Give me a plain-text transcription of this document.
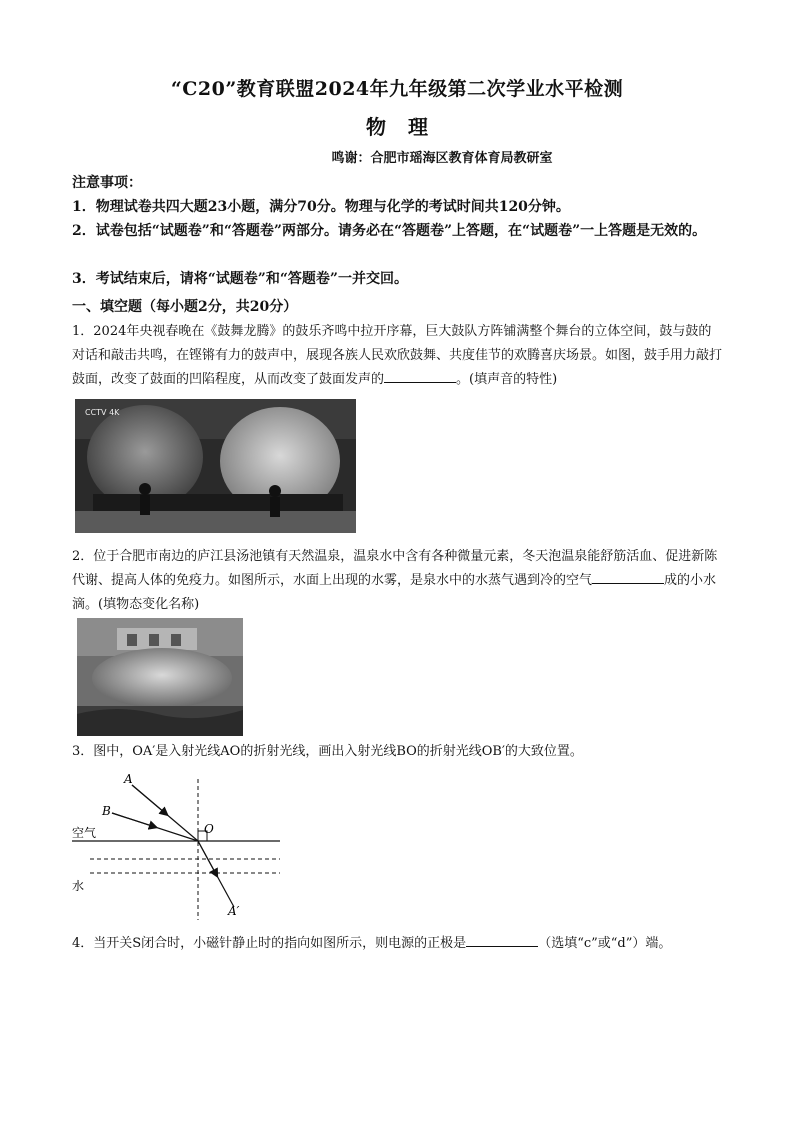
“C20”教育联盟2024年九年级第二次学业水平检测
物理
鸣谢：合肥市瑶海区教育体育局教研室
注意事项：
1．物理试卷共四大题23小题，满分70分。物理与化学的考试时间共120分钟。
2．试卷包括“试题卷”和“答题卷”两部分。请务必在“答题卷”上答题，在“试题卷”一上答题是无效的。
3．考试结束后，请将“试题卷”和“答题卷”一并交回。
一、填空题（每小题2分，共20分）
1．2024年央视春晚在《鼓舞龙腾》的鼓乐齐鸣中拉开序幕，巨大鼓队方阵铺满整个舞台的立体空间，鼓与鼓的对话和敲击共鸣，在铿锵有力的鼓声中，展现各族人民欢欣鼓舞、共度佳节的欢腾喜庆场景。如图，鼓手用力敲打鼓面，改变了鼓面的凹陷程度，从而改变了鼓面发声的	。(填声音的特性)
CCTV 4K
2．位于合肥市南边的庐江县汤池镇有天然温泉，温泉水中含有各种微量元素，冬天泡温泉能舒筋活血、促进新陈代谢、提高人体的免疫力。如图所示，水面上出现的水雾，是泉水中的水蒸气遇到冷的空气	成的小水滴。(填物态变化名称)
3．图中，OA′是入射光线AO的折射光线，画出入射光线BO的折射光线OB′的大致位置。
A
B
O
A′
空气
水
4．当开关S闭合时，小磁针静止时的指向如图所示，则电源的正极是	（选填“c”或“d”）端。
